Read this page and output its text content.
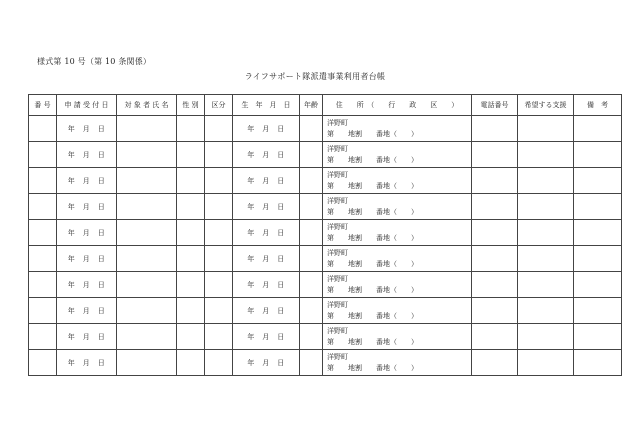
様式第 10 号（第 10 条関係）
ライフサポート隊派遣事業利用者台帳
番 号	申 請 受 付 日	対 象 者 氏 名	性 別	区分	生　年　月　日	年齢	住　　所　（　　行　　政　　区　　）	電話番号	希望する支援	備　考
	年　月　日				年　月　日		洋野町
第　　地割　　番地（　　）			

	年　月　日				年　月　日		洋野町
第　　地割　　番地（　　）			

	年　月　日				年　月　日		洋野町
第　　地割　　番地（　　）			

	年　月　日				年　月　日		洋野町
第　　地割　　番地（　　）			

	年　月　日				年　月　日		洋野町
第　　地割　　番地（　　）			

	年　月　日				年　月　日		洋野町
第　　地割　　番地（　　）			

	年　月　日				年　月　日		洋野町
第　　地割　　番地（　　）			

	年　月　日				年　月　日		洋野町
第　　地割　　番地（　　）			

	年　月　日				年　月　日		洋野町
第　　地割　　番地（　　）			

	年　月　日				年　月　日		洋野町
第　　地割　　番地（　　）			
